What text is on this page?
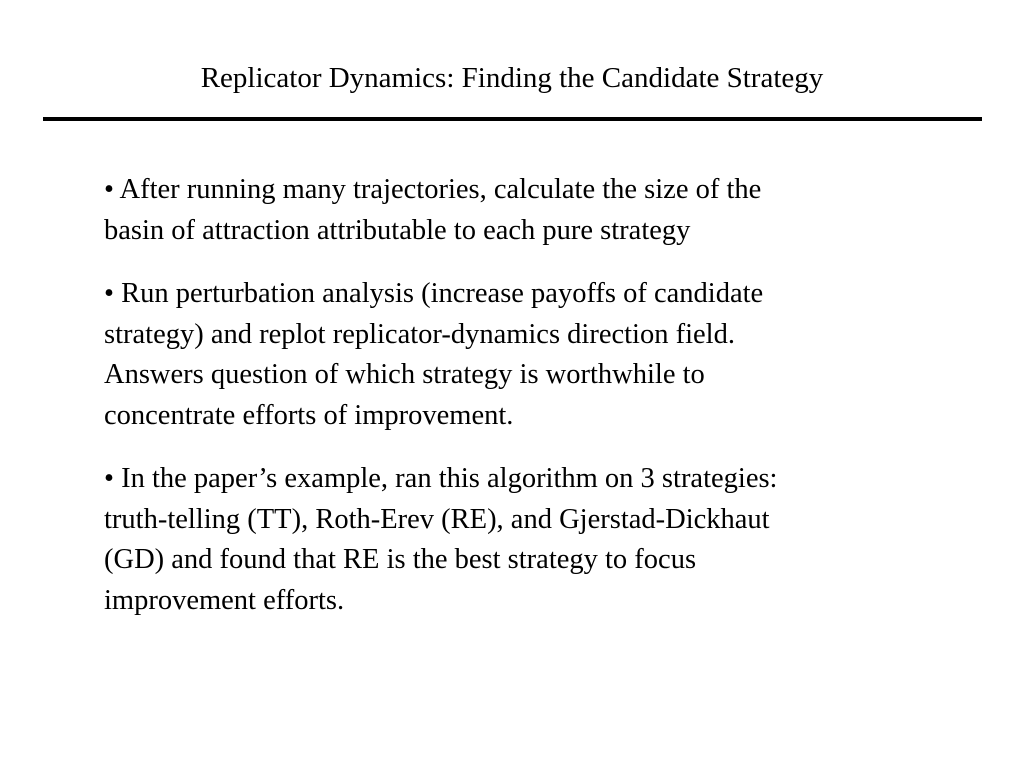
Replicator Dynamics: Finding the Candidate Strategy
• After running many trajectories, calculate the size of the
basin of attraction attributable to each pure strategy
• Run perturbation analysis (increase payoffs of candidate
strategy) and replot replicator-dynamics direction field.
Answers question of which strategy is worthwhile to
concentrate efforts of improvement.
• In the paper’s example, ran this algorithm on 3 strategies:
truth-telling (TT), Roth-Erev (RE), and Gjerstad-Dickhaut
(GD) and found that RE is the best strategy to focus
improvement efforts.
